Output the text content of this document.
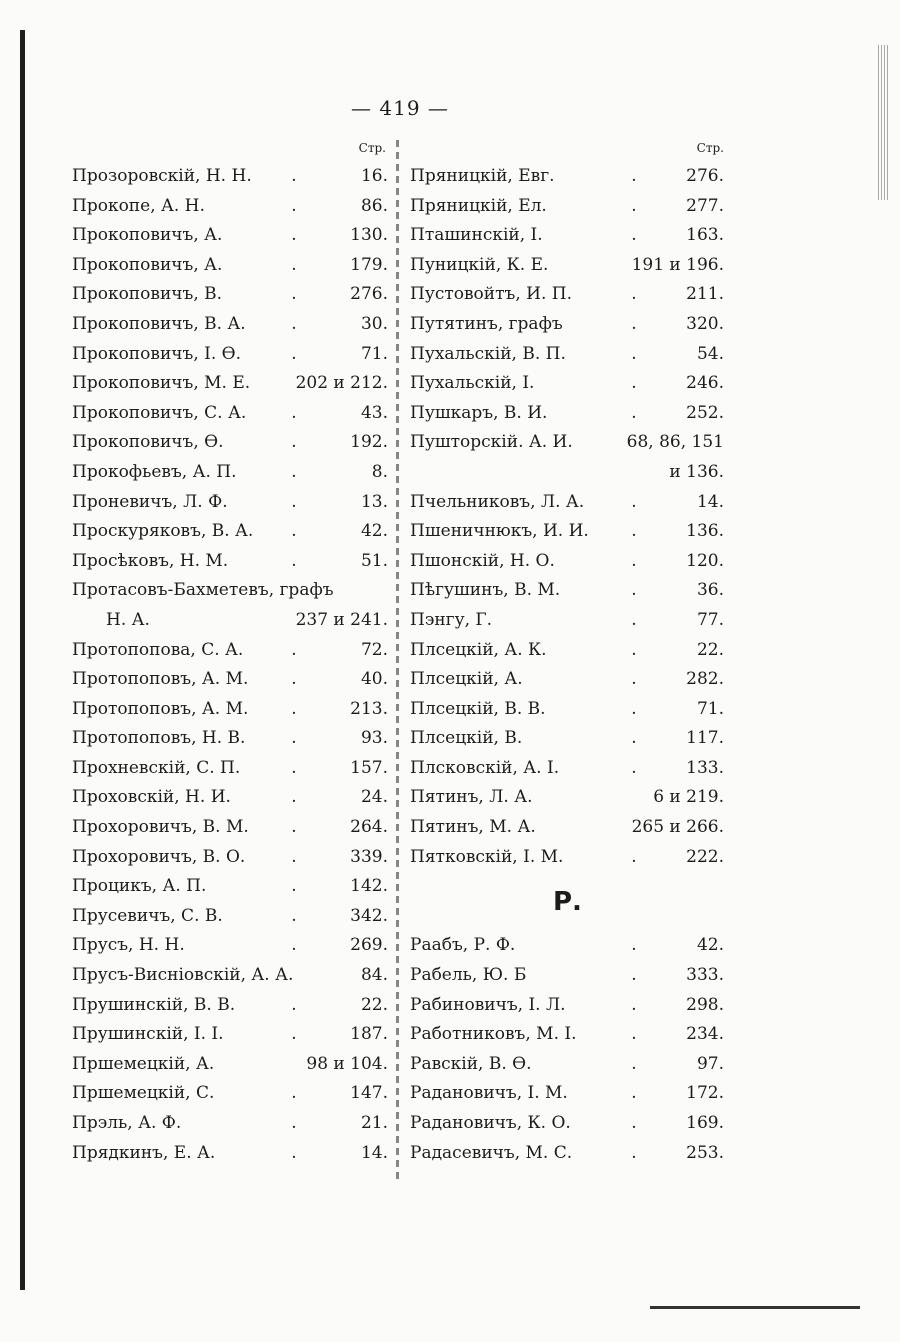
— 419 —
Стр.	Стр.
Прозоровскій, Н. Н. .	16.
Прокопе, А. Н.	.	86.
Прокоповичъ, А.	.	130.
Прокоповичъ, А.	.	179.
Прокоповичъ, В.	.	276.
Прокоповичъ, В. А.	.	30.
Прокоповичъ, І. Ѳ.	.	71.
Прокоповичъ, М. Е.	202 и 212.
Прокоповичъ, С. А.	.	43.
Прокоповичъ, Ѳ.	.	192.
Прокофьевъ, А. П.	.	8.
Проневичъ, Л. Ф.	.	13.
Проскуряковъ, В. А. .	42.
Просѣковъ, Н. М.	.	51.
Протасовъ-Бахметевъ, графъ
Н. А.	237 и 241.
Протопопова, С. А.	.	72.
Протопоповъ, А. М.	.	40.
Протопоповъ, А. М.	.	213.
Протопоповъ, Н. В.	.	93.
Прохневскій, С. П.	.	157.
Проховскій, Н. И.	.	24.
Прохоровичъ, В. М.	.	264.
Прохоровичъ, В. О.	.	339.
Процикъ, А. П.	.	142.
Прусевичъ, С. В.	.	342.
Прусъ, Н. Н.	.	269.
Прусъ-Висніовскій, А. А.	84.
Прушинскій, В. В.	.	22.
Прушинскій, І. І.	.	187.
Пршемецкій, А.	98 и 104.
Пршемецкій, С.	.	147.
Прэль, А. Ф.	.	21.
Прядкинъ, Е. А.	.	14.
Пряницкій, Евг.	.	276.
Пряницкій, Ел.	.	277.
Пташинскій, І.	.	163.
Пуницкій, К. Е.	191 и 196.
Пустовойтъ, И. П.	.	211.
Путятинъ, графъ	.	320.
Пухальскій, В. П.	.	54.
Пухальскій, І.	.	246.
Пушкаръ, В. И.	.	252.
Пушторскій. А. И.	68, 86, 151
и 136.
Пчельниковъ, Л. А.	.	14.
Пшеничнюкъ, И. И. .	136.
Пшонскій, Н. О.	.	120.
Пѣгушинъ, В. М.	.	36.
Пэнгу, Г.	.	77.
Плсецкій, А. К.	.	22.
Плсецкій, А.	.	282.
Плсецкій, В. В.	.	71.
Плсецкій, В.	.	117.
Плсковскій, А. І.	.	133.
Пятинъ, Л. А.	6 и 219.
Пятинъ, М. А.	265 и 266.
Пятковскій, І. М.	.	222.
Р.
Раабъ, Р. Ф.	.	42.
Рабель, Ю. Б	.	333.
Рабиновичъ, І. Л.	.	298.
Работниковъ, М. І.	.	234.
Равскій, В. Ѳ.	.	97.
Радановичъ, І. М.	.	172.
Радановичъ, К. О.	.	169.
Радасевичъ, М. С.	.	253.
